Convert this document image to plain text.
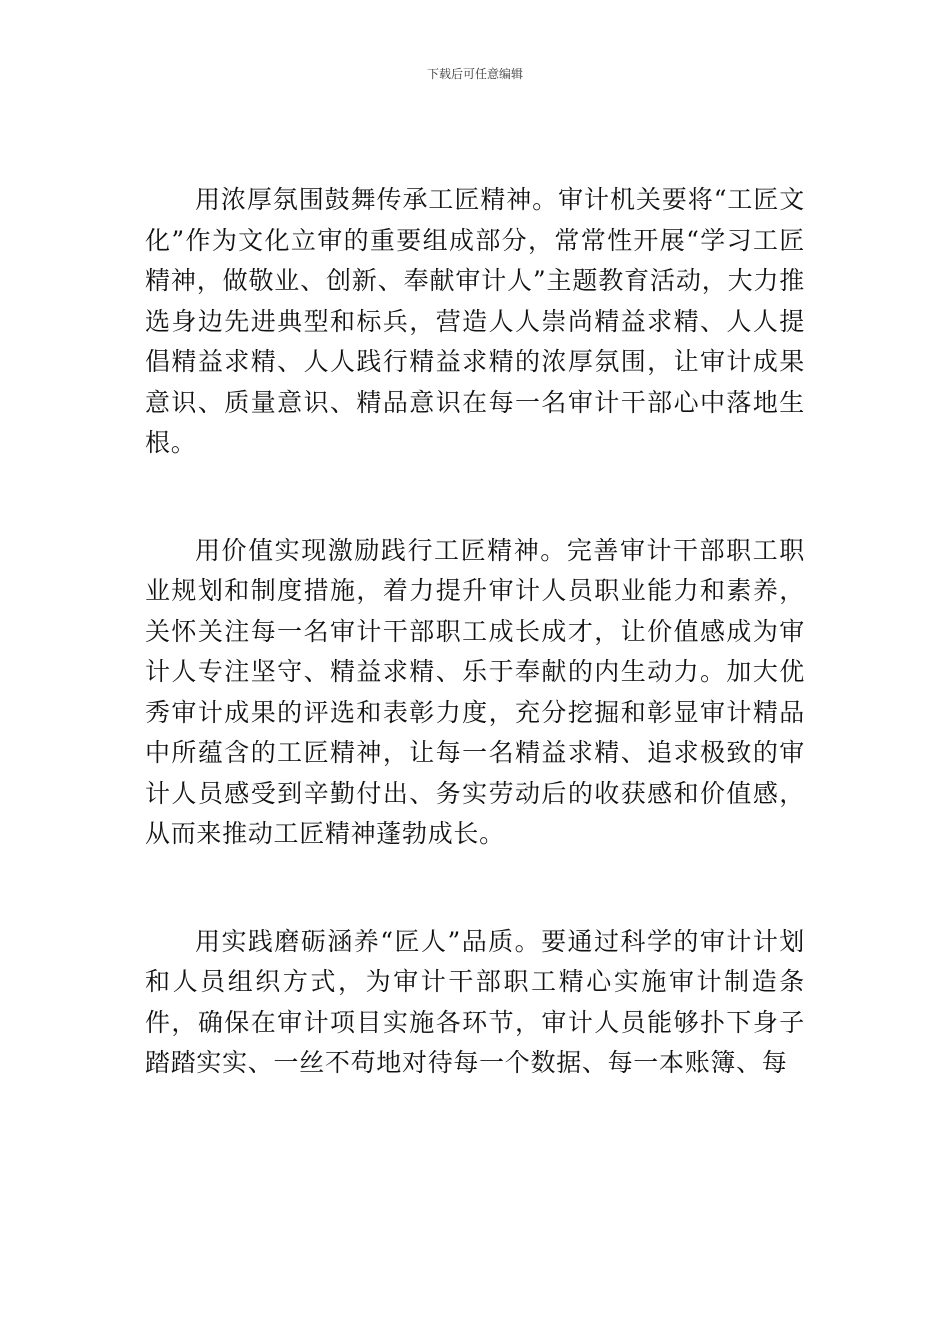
下载后可任意编辑

用浓厚氛围鼓舞传承工匠精神。审计机关要将“工匠文化”作为文化立审的重要组成部分，常常性开展“学习工匠精神，做敬业、创新、奉献审计人”主题教育活动，大力推选身边先进典型和标兵，营造人人崇尚精益求精、人人提倡精益求精、人人践行精益求精的浓厚氛围，让审计成果意识、质量意识、精品意识在每一名审计干部心中落地生根。

用价值实现激励践行工匠精神。完善审计干部职工职业规划和制度措施，着力提升审计人员职业能力和素养，关怀关注每一名审计干部职工成长成才，让价值感成为审计人专注坚守、精益求精、乐于奉献的内生动力。加大优秀审计成果的评选和表彰力度，充分挖掘和彰显审计精品中所蕴含的工匠精神，让每一名精益求精、追求极致的审计人员感受到辛勤付出、务实劳动后的收获感和价值感，从而来推动工匠精神蓬勃成长。

用实践磨砺涵养“匠人”品质。要通过科学的审计计划和人员组织方式，为审计干部职工精心实施审计制造条件，确保在审计项目实施各环节，审计人员能够扑下身子踏踏实实、一丝不苟地对待每一个数据、每一本账簿、每
